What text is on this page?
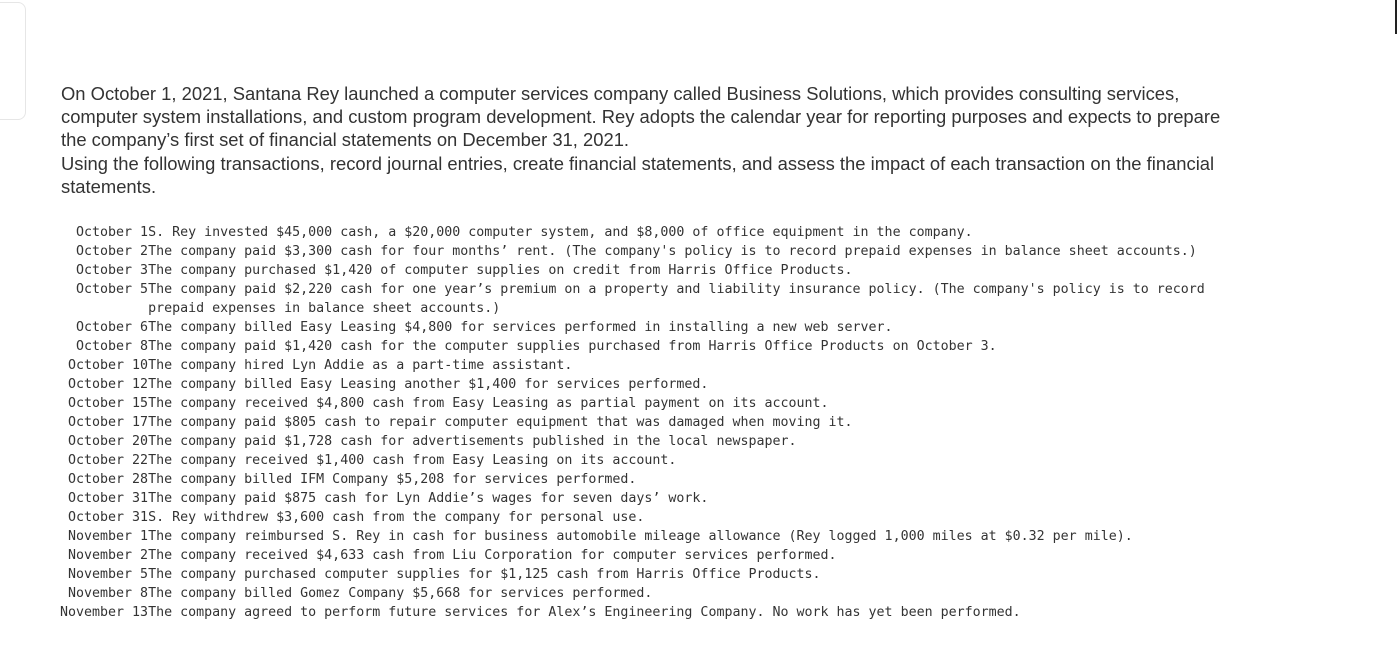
On October 1, 2021, Santana Rey launched a computer services company called Business Solutions, which provides consulting services, computer system installations, and custom program development. Rey adopts the calendar year for reporting purposes and expects to prepare the company’s first set of financial statements on December 31, 2021.

Using the following transactions, record journal entries, create financial statements, and assess the impact of each transaction on the financial statements.

October 1	S. Rey invested $45,000 cash, a $20,000 computer system, and $8,000 of office equipment in the company.
October 2	The company paid $3,300 cash for four months’ rent. (The company's policy is to record prepaid expenses in balance sheet accounts.)
October 3	The company purchased $1,420 of computer supplies on credit from Harris Office Products.
October 5	The company paid $2,220 cash for one year’s premium on a property and liability insurance policy. (The company's policy is to record prepaid expenses in balance sheet accounts.)
October 6	The company billed Easy Leasing $4,800 for services performed in installing a new web server.
October 8	The company paid $1,420 cash for the computer supplies purchased from Harris Office Products on October 3.
October 10	The company hired Lyn Addie as a part-time assistant.
October 12	The company billed Easy Leasing another $1,400 for services performed.
October 15	The company received $4,800 cash from Easy Leasing as partial payment on its account.
October 17	The company paid $805 cash to repair computer equipment that was damaged when moving it.
October 20	The company paid $1,728 cash for advertisements published in the local newspaper.
October 22	The company received $1,400 cash from Easy Leasing on its account.
October 28	The company billed IFM Company $5,208 for services performed.
October 31	The company paid $875 cash for Lyn Addie’s wages for seven days’ work.
October 31	S. Rey withdrew $3,600 cash from the company for personal use.
November 1	The company reimbursed S. Rey in cash for business automobile mileage allowance (Rey logged 1,000 miles at $0.32 per mile).
November 2	The company received $4,633 cash from Liu Corporation for computer services performed.
November 5	The company purchased computer supplies for $1,125 cash from Harris Office Products.
November 8	The company billed Gomez Company $5,668 for services performed.
November 13	The company agreed to perform future services for Alex’s Engineering Company. No work has yet been performed.
